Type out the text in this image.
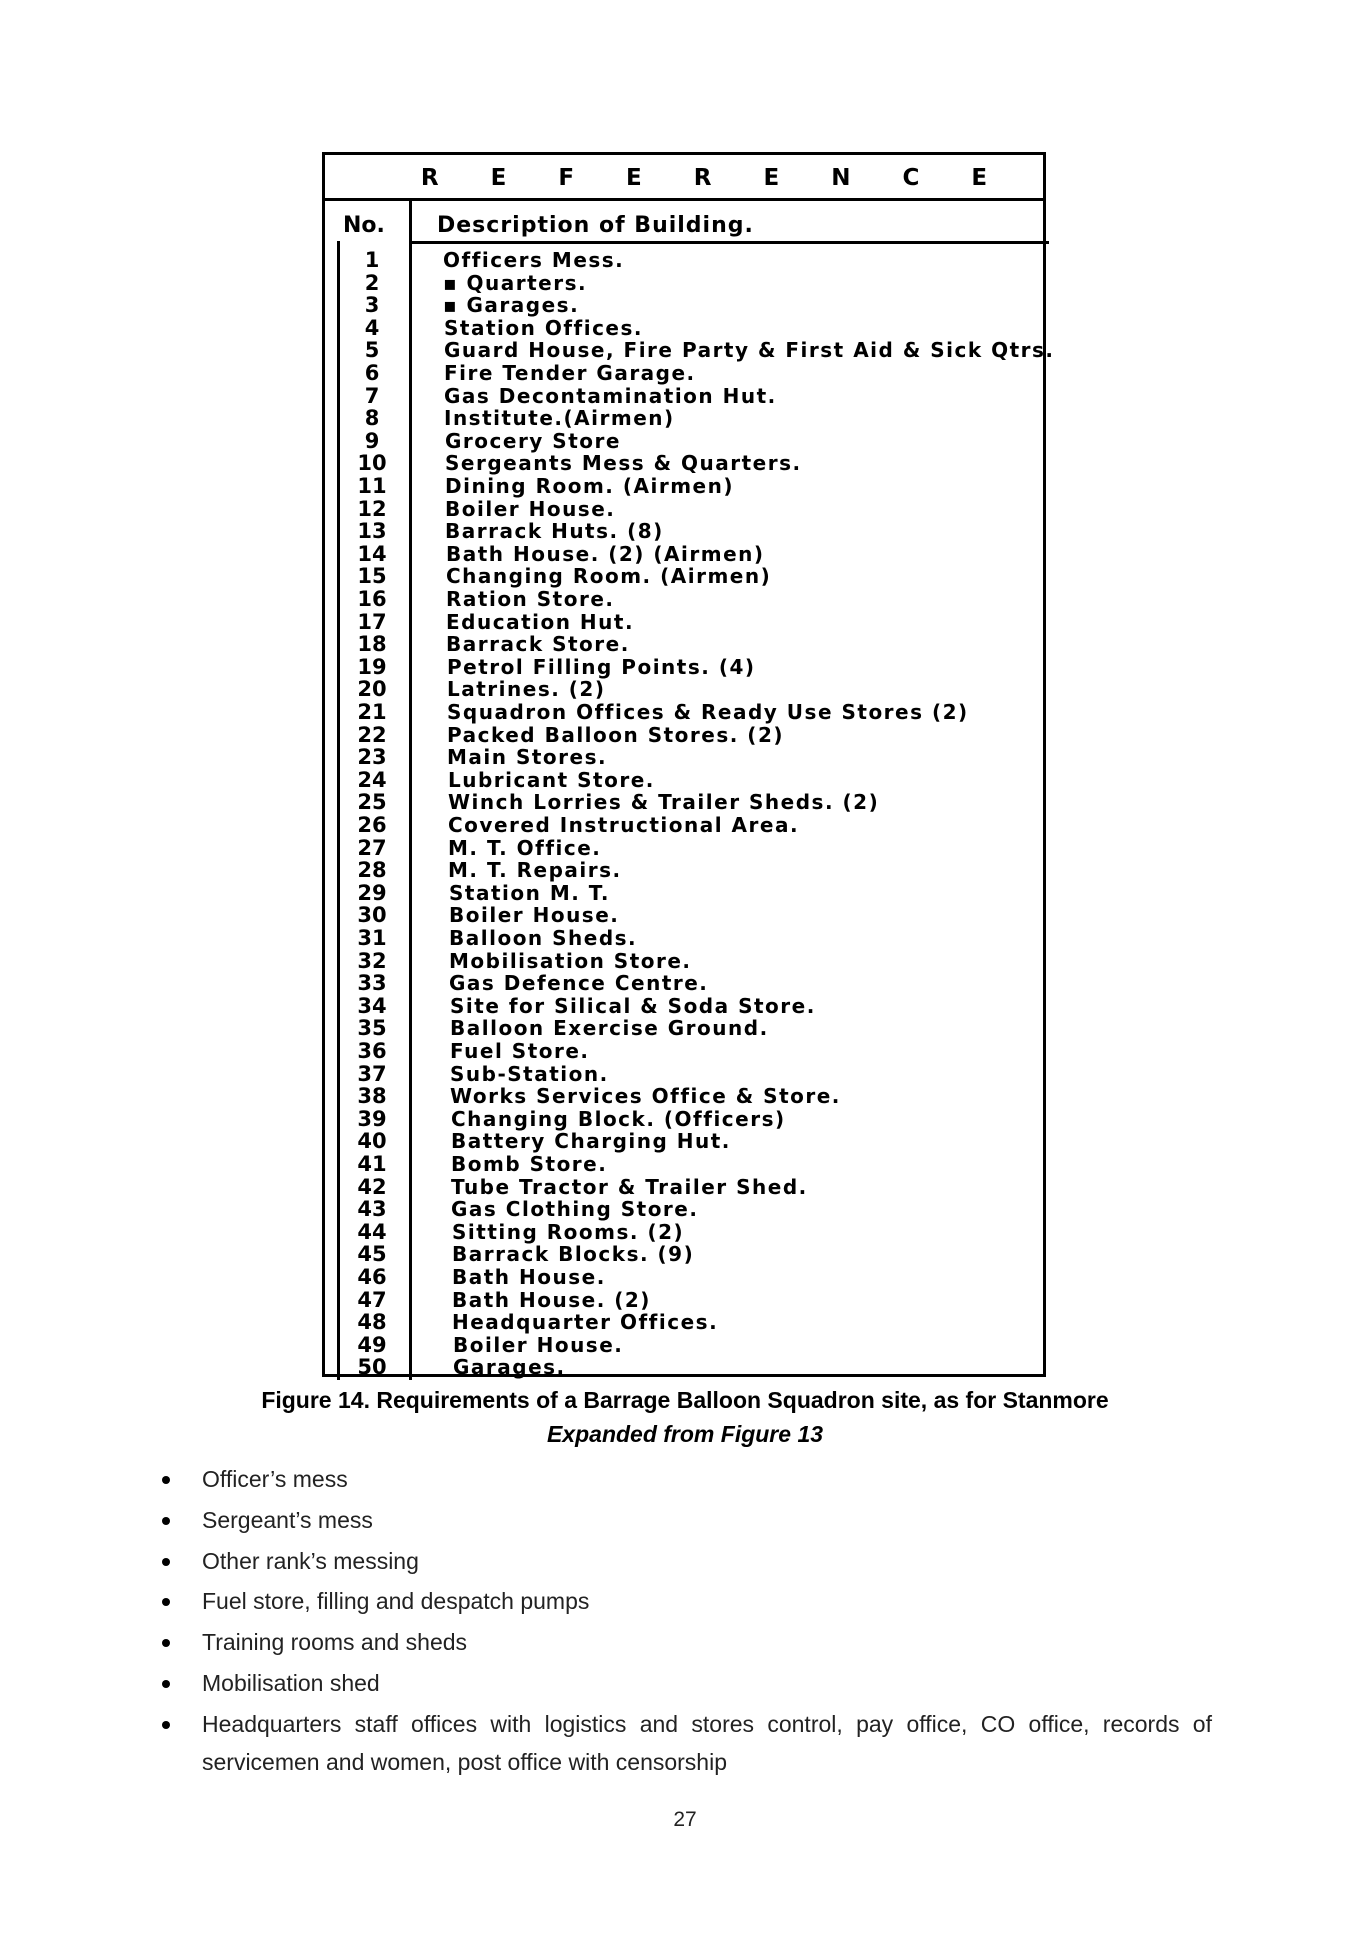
R E F E R E N C E
No. Description of Building.
1	Officers Mess.
2	▪ Quarters.
3	▪ Garages.
4	Station Offices.
5	Guard House, Fire Party & First Aid & Sick Qtrs.
6	Fire Tender Garage.
7	Gas Decontamination Hut.
8	Institute.(Airmen)
9	Grocery Store
10	Sergeants Mess & Quarters.
11	Dining Room. (Airmen)
12	Boiler House.
13	Barrack Huts. (8)
14	Bath House. (2) (Airmen)
15	Changing Room. (Airmen)
16	Ration Store.
17	Education Hut.
18	Barrack Store.
19	Petrol Filling Points. (4)
20	Latrines. (2)
21	Squadron Offices & Ready Use Stores (2)
22	Packed Balloon Stores. (2)
23	Main Stores.
24	Lubricant Store.
25	Winch Lorries & Trailer Sheds. (2)
26	Covered Instructional Area.
27	M. T. Office.
28	M. T. Repairs.
29	Station M. T.
30	Boiler House.
31	Balloon Sheds.
32	Mobilisation Store.
33	Gas Defence Centre.
34	Site for Silical & Soda Store.
35	Balloon Exercise Ground.
36	Fuel Store.
37	Sub-Station.
38	Works Services Office & Store.
39	Changing Block. (Officers)
40	Battery Charging Hut.
41	Bomb Store.
42	Tube Tractor & Trailer Shed.
43	Gas Clothing Store.
44	Sitting Rooms. (2)
45	Barrack Blocks. (9)
46	Bath House.
47	Bath House. (2)
48	Headquarter Offices.
49	Boiler House.
50	Garages.
Figure 14. Requirements of a Barrage Balloon Squadron site, as for Stanmore
Expanded from Figure 13
Officer’s mess
Sergeant’s mess
Other rank’s messing
Fuel store, filling and despatch pumps
Training rooms and sheds
Mobilisation shed
Headquarters staff offices with logistics and stores control, pay office, CO office, records of servicemen and women, post office with censorship
27
